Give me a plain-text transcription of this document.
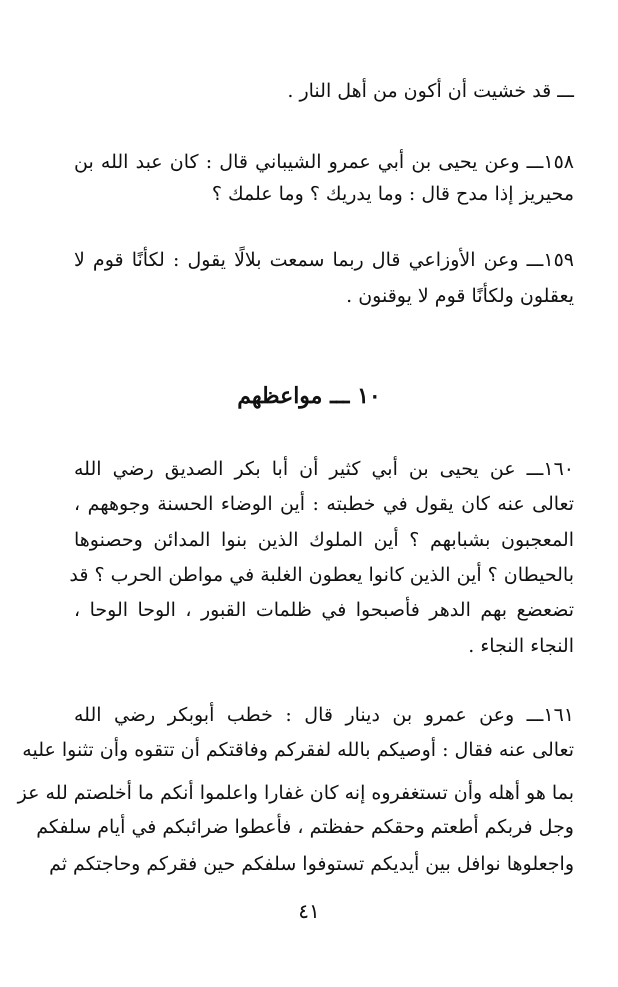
ـــ قد خشيت أن أكون من أهل النار .

١٥٨ـــ وعن يحيى بن أبي عمرو الشيباني قال : كان عبد الله بن

محيريز إذا مدح قال : وما يدريك ؟ وما علمك ؟

١٥٩ـــ وعن الأوزاعي قال ربما سمعت بلالًا يقول : لكأنًا قوم لا

يعقلون ولكأنًا قوم لا يوقنون .

١٠ ـــ مواعظهم

١٦٠ـــ عن يحيى بن أبي كثير أن أبا بكر الصديق رضي الله

تعالى عنه كان يقول في خطبته : أين الوضاء الحسنة وجوههم ،

المعجبون بشبابهم ؟ أين الملوك الذين بنوا المدائن وحصنوها

بالحيطان ؟ أين الذين كانوا يعطون الغلبة في مواطن الحرب ؟ قد

تضعضع بهم الدهر فأصبحوا في ظلمات القبور ، الوحا الوحا ،

النجاء النجاء .

١٦١ـــ وعن عمرو بن دينار قال : خطب أبوبكر رضي الله

تعالى عنه فقال : أوصيكم بالله لفقركم وفاقتكم أن تتقوه وأن تثنوا عليه

بما هو أهله وأن تستغفروه إنه كان غفارا واعلموا أنكم ما أخلصتم لله عز

وجل فربكم أطعتم وحقكم حفظتم ، فأعطوا ضرائبكم في أيام سلفكم

واجعلوها نوافل بين أيديكم تستوفوا سلفكم حين فقركم وحاجتكم ثم

٤١
